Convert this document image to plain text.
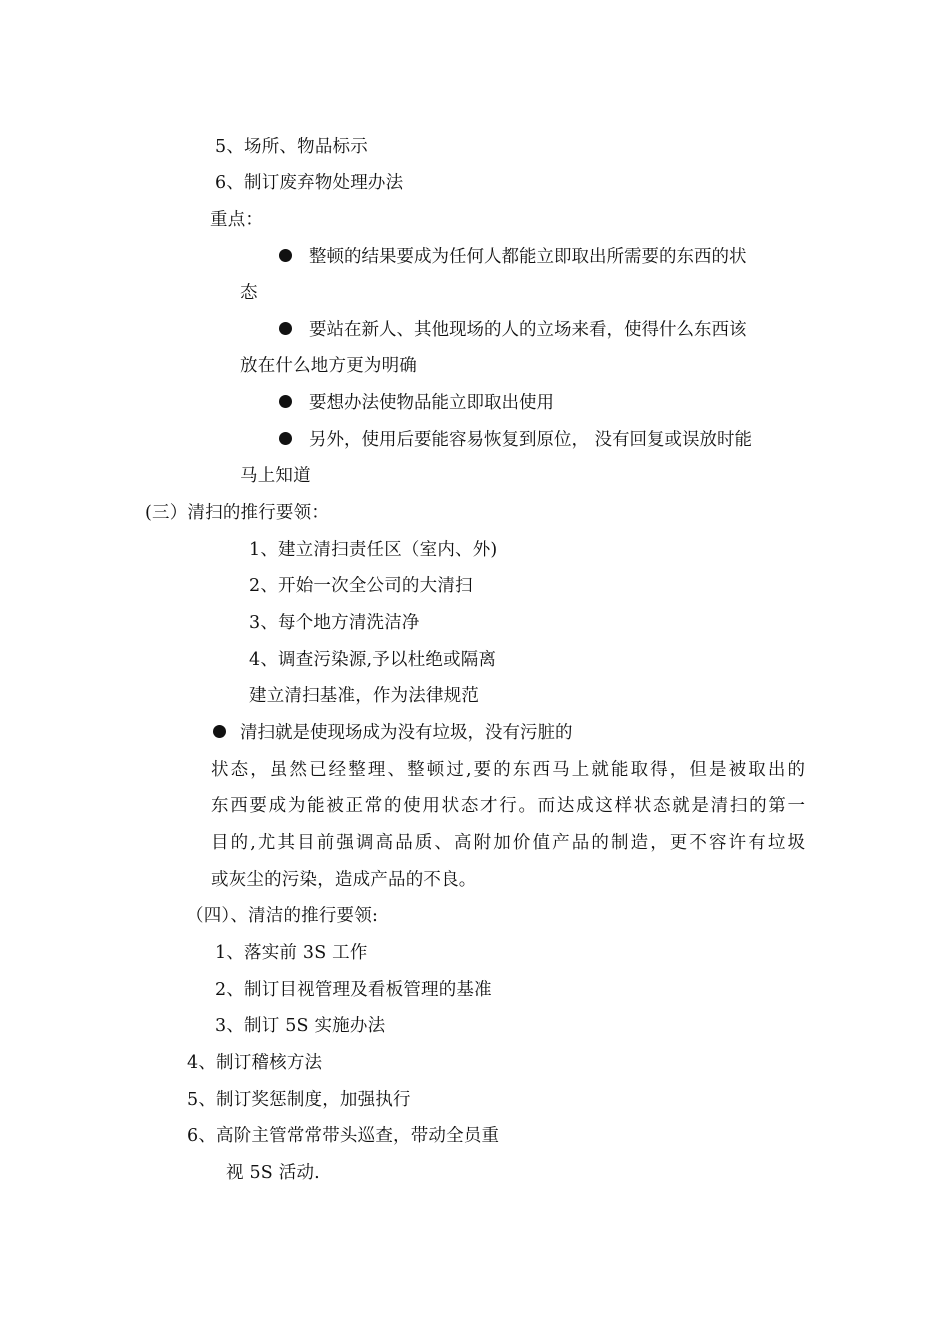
5、场所、物品标示
6、制订废弃物处理办法
重点：
整顿的结果要成为任何人都能立即取出所需要的东西的状
态
要站在新人、其他现场的人的立场来看，使得什么东西该
放在什么地方更为明确
要想办法使物品能立即取出使用
另外，使用后要能容易恢复到原位， 没有回复或误放时能
马上知道
(三）清扫的推行要领：
1、建立清扫责任区（室内、外)
2、开始一次全公司的大清扫
3、每个地方清洗洁净
4、调查污染源,予以杜绝或隔离
建立清扫基准，作为法律规范
清扫就是使现场成为没有垃圾，没有污脏的
状态，虽然已经整理、整顿过,要的东西马上就能取得，但是被取出的
东西要成为能被正常的使用状态才行。而达成这样状态就是清扫的第一
目的,尤其目前强调高品质、高附加价值产品的制造，更不容许有垃圾
或灰尘的污染，造成产品的不良。
（四）、清洁的推行要领:
1、落实前 3S 工作
2、制订目视管理及看板管理的基准
3、制订 5S 实施办法
4、制订稽核方法
5、制订奖惩制度，加强执行
6、高阶主管常常带头巡查，带动全员重
视 5S 活动.
